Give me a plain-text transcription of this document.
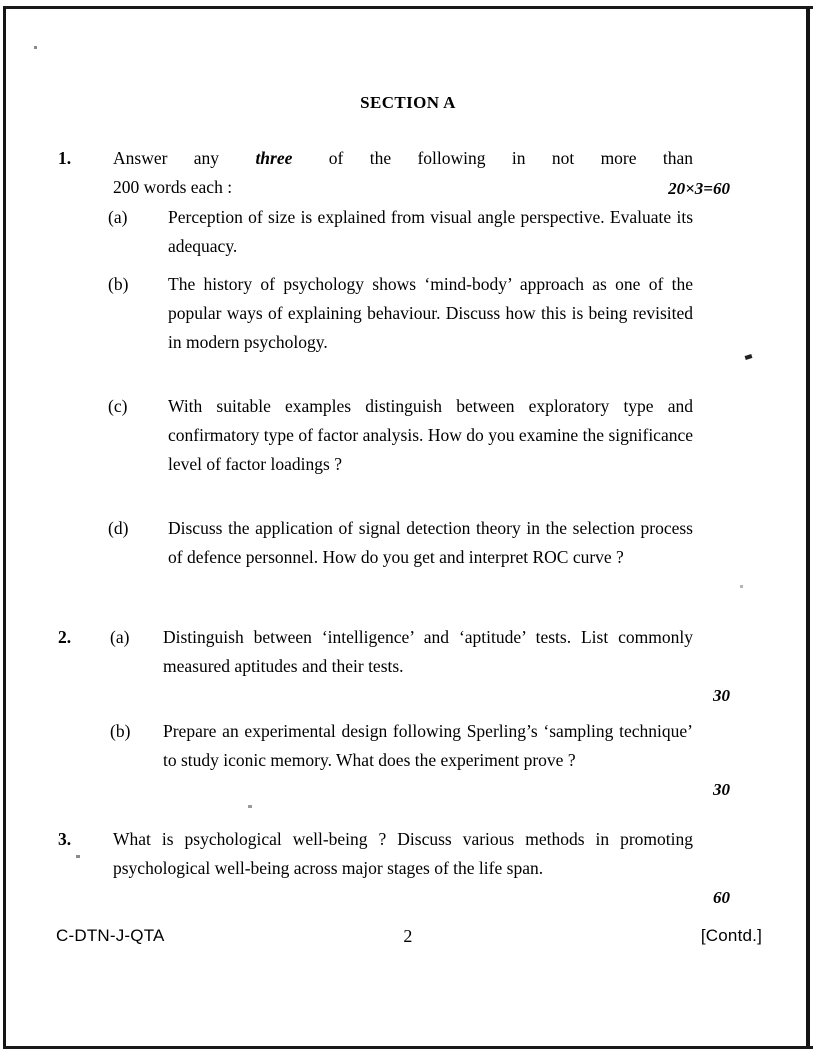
SECTION A
1.	Answer any three of the following in not more than
200 words each :	20×3=60
(a)	Perception of size is explained from visual angle perspective. Evaluate its adequacy.
(b)	The history of psychology shows ‘mind-body’ approach as one of the popular ways of explaining behaviour. Discuss how this is being revisited in modern psychology.
(c)	With suitable examples distinguish between exploratory type and confirmatory type of factor analysis. How do you examine the significance level of factor loadings ?
(d)	Discuss the application of signal detection theory in the selection process of defence personnel. How do you get and interpret ROC curve ?
2.	(a)	Distinguish between ‘intelligence’ and ‘aptitude’ tests. List commonly measured aptitudes and their tests.
30
(b)	Prepare an experimental design following Sperling’s ‘sampling technique’ to study iconic memory. What does the experiment prove ?
30
3.	What is psychological well-being ? Discuss various methods in promoting psychological well-being across major stages of the life span.
60
C-DTN-J-QTA	2	[Contd.]
